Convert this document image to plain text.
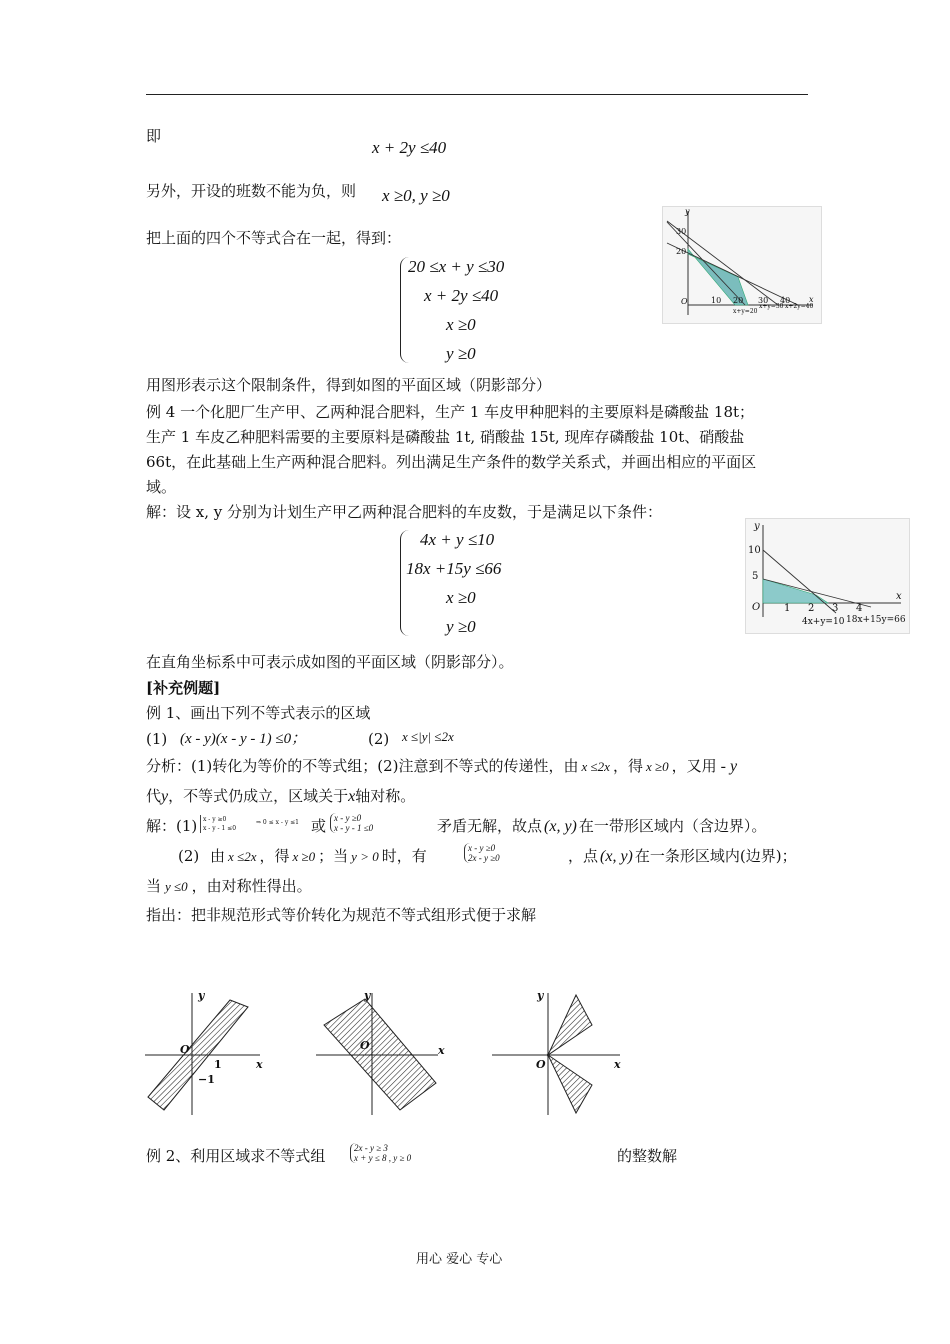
即
x + 2y ≤40
另外，开设的班数不能为负，则 x ≥0, y ≥0
把上面的四个不等式合在一起，得到：
20 ≤x + y ≤30
x + 2y ≤40
x ≥0
y ≥0
y
30
20
O	10 20 30 40 x
x+y=20
x+y=30 x+2y=40
用图形表示这个限制条件，得到如图的平面区域（阴影部分）
例 4 一个化肥厂生产甲、乙两种混合肥料，生产 1 车皮甲种肥料的主要原料是磷酸盐 18t；
生产 1 车皮乙种肥料需要的主要原料是磷酸盐 1t, 硝酸盐 15t, 现库存磷酸盐 10t、硝酸盐
66t，在此基础上生产两种混合肥料。列出满足生产条件的数学关系式，并画出相应的平面区
域。
解：设 x, y 分别为计划生产甲乙两种混合肥料的车皮数，于是满足以下条件：
4x + y ≤10
18x +15y ≤66
x ≥0
y ≥0
y
10
5
O 1 2 3 4
x
4x+y=10 18x+15y=66
在直角坐标系中可表示成如图的平面区域（阴影部分）。
[补充例题]
例 1、画出下列不等式表示的区域
(1) (x - y)(x - y - 1) ≤0；	(2) x ≤|y| ≤2x
分析：(1)转化为等价的不等式组；(2)注意到不等式的传递性，由 x ≤2x ，得 x ≥0 ，又用 - y
代y，不等式仍成立，区域关于x轴对称。
解：(1) x - y ≥0
x - y - 1 ≤0
⇒ 0 ≤ x - y ≤1 或 x - y ≥0
x - y - 1 ≤0	矛盾无解，故点 (x, y) 在一带形区域内（含边界）。
(2) 由 x ≤2x ，得 x ≥0 ；当 y > 0 时，有	x - y ≥0
2x - y ≥0	，点 (x, y) 在一条形区域内(边界)；
当 y ≤0 ，由对称性得出。
指出：把非规范形式等价转化为规范不等式组形式便于求解
y
O
x
1
−1
y
O	x
y
O	x
例 2、利用区域求不等式组	2x - y ≥ 3
x + y ≤ 8 , y ≥ 0	的整数解
用心 爱心 专心
